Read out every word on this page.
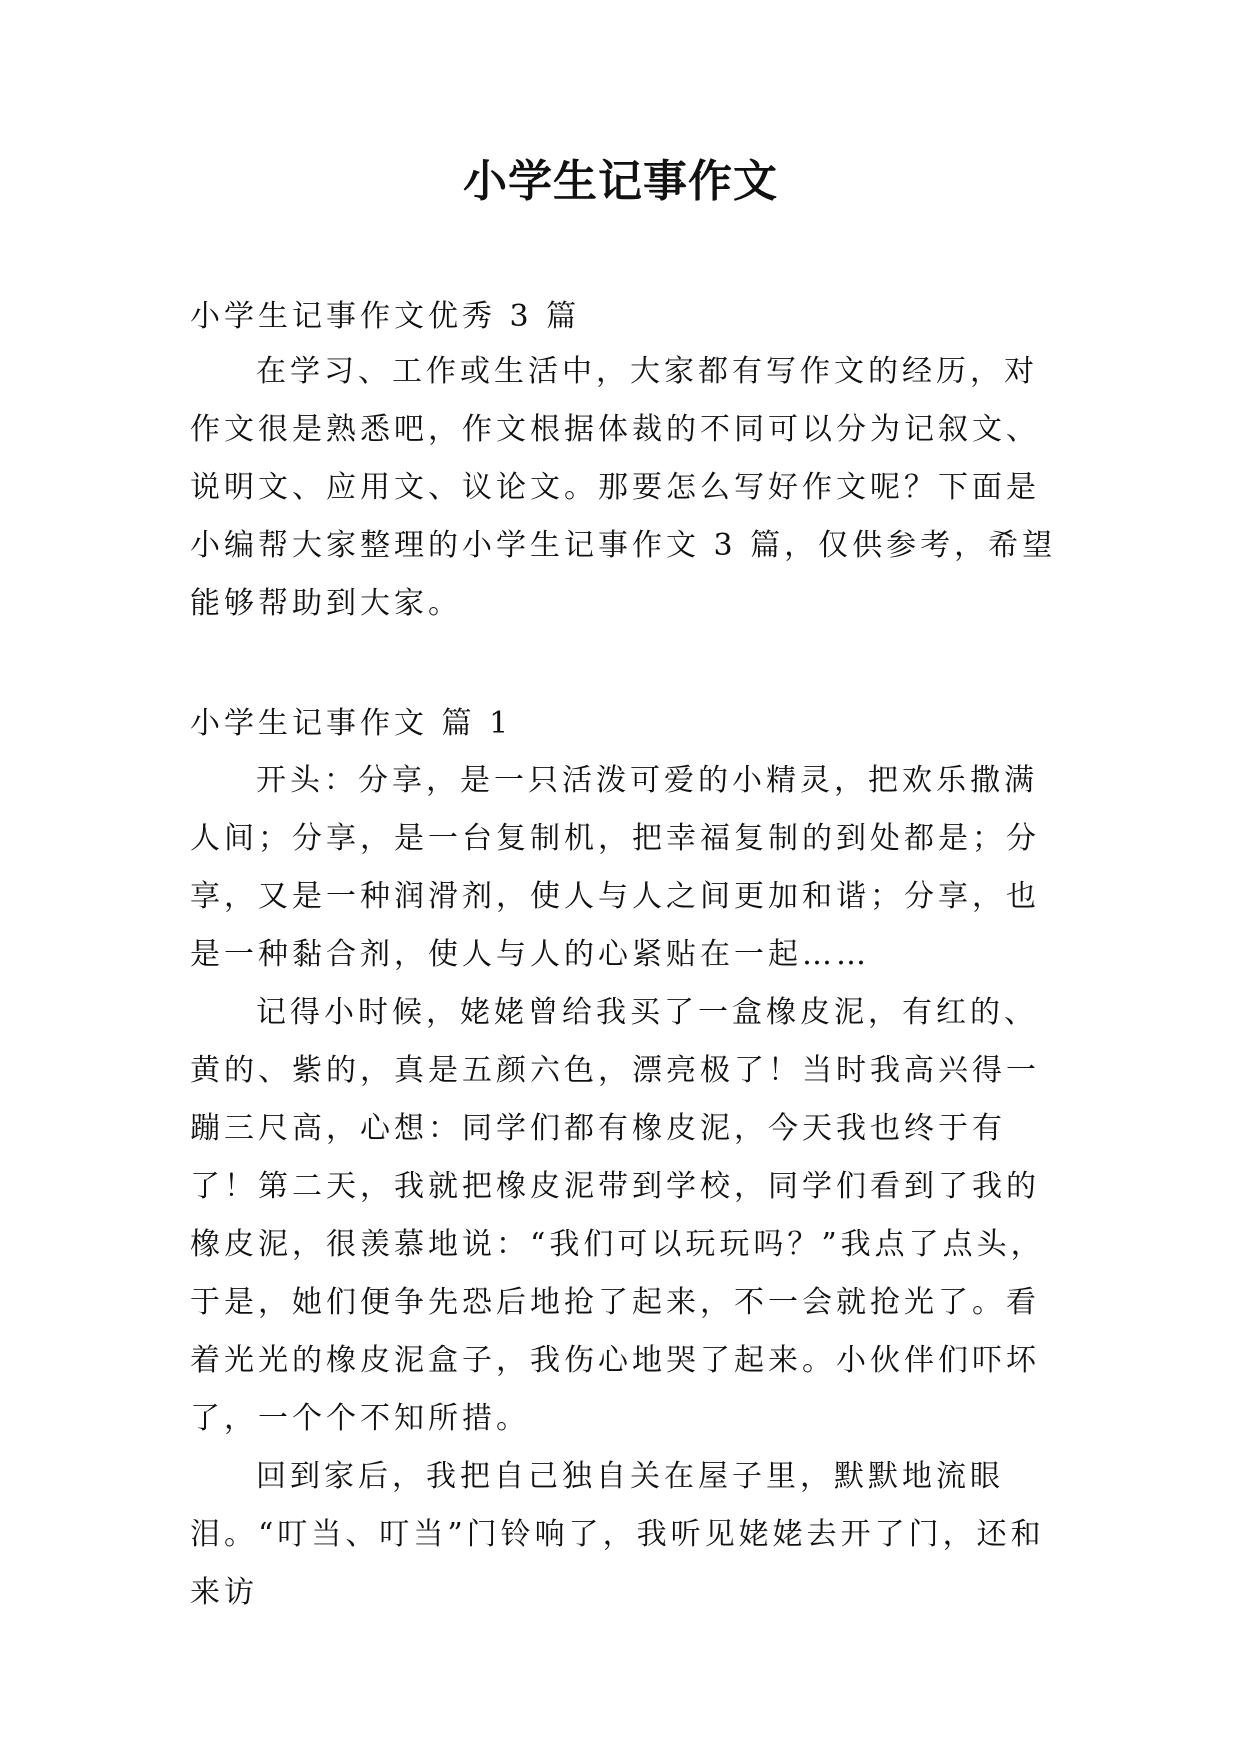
小学生记事作文
小学生记事作文优秀 3 篇

在学习、工作或生活中，大家都有写作文的经历，对作文很是熟悉吧，作文根据体裁的不同可以分为记叙文、说明文、应用文、议论文。那要怎么写好作文呢？下面是小编帮大家整理的小学生记事作文 3 篇，仅供参考，希望能够帮助到大家。

小学生记事作文 篇 1

开头：分享，是一只活泼可爱的小精灵，把欢乐撒满人间；分享，是一台复制机，把幸福复制的到处都是；分享，又是一种润滑剂，使人与人之间更加和谐；分享，也是一种黏合剂，使人与人的心紧贴在一起……

记得小时候，姥姥曾给我买了一盒橡皮泥，有红的、黄的、紫的，真是五颜六色，漂亮极了！当时我高兴得一蹦三尺高，心想：同学们都有橡皮泥，今天我也终于有了！第二天，我就把橡皮泥带到学校，同学们看到了我的橡皮泥，很羡慕地说：“我们可以玩玩吗？”我点了点头，于是，她们便争先恐后地抢了起来，不一会就抢光了。看着光光的橡皮泥盒子，我伤心地哭了起来。小伙伴们吓坏了，一个个不知所措。

回到家后，我把自己独自关在屋子里，默默地流眼泪。“叮当、叮当”门铃响了，我听见姥姥去开了门，还和来访
